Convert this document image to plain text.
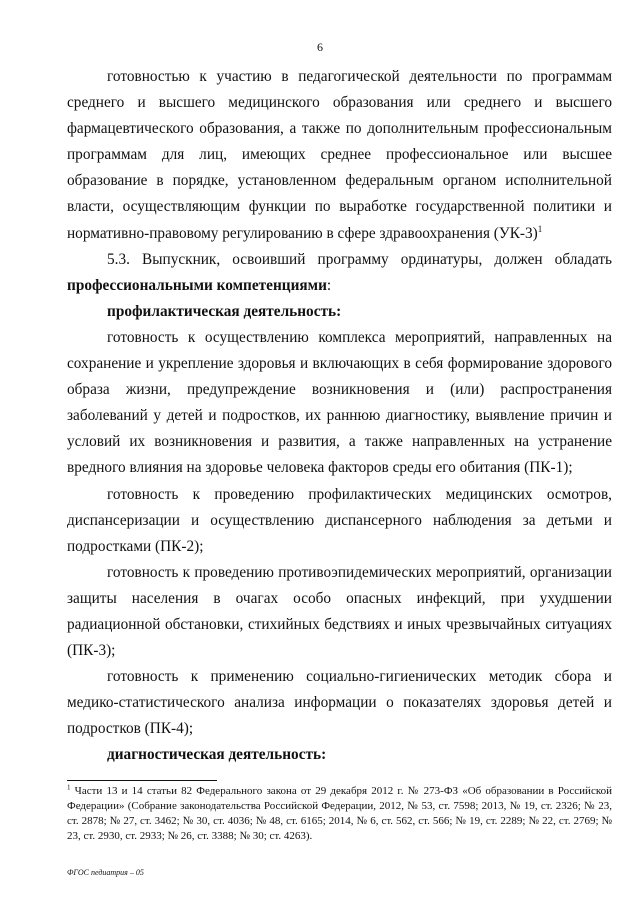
6

готовностью к участию в педагогической деятельности по программам среднего и высшего медицинского образования или среднего и высшего фармацевтического образования, а также по дополнительным профессиональным программам для лиц, имеющих среднее профессиональное или высшее образование в порядке, установленном федеральным органом исполнительной власти, осуществляющим функции по выработке государственной политики и нормативно-правовому регулированию в сфере здравоохранения $(УК-3)^1$

5.3. Выпускник, освоивший программу ординатуры, должен обладать профессиональными компетенциями:

профилактическая деятельность:

готовность к осуществлению комплекса мероприятий, направленных на сохранение и укрепление здоровья и включающих в себя формирование здорового образа жизни, предупреждение возникновения и (или) распространения заболеваний у детей и подростков, их раннюю диагностику, выявление причин и условий их возникновения и развития, а также направленных на устранение вредного влияния на здоровье человека факторов среды его обитания (ПК-1);

готовность к проведению профилактических медицинских осмотров, диспансеризации и осуществлению диспансерного наблюдения за детьми и подростками (ПК-2);

готовность к проведению противоэпидемических мероприятий, организации защиты населения в очагах особо опасных инфекций, при ухудшении радиационной обстановки, стихийных бедствиях и иных чрезвычайных ситуациях (ПК-3);

готовность к применению социально-гигиенических методик сбора и медико-статистического анализа информации о показателях здоровья детей и подростков (ПК-4);

диагностическая деятельность:

$^1$ Части 13 и 14 статьи 82 Федерального закона от 29 декабря 2012 г. № 273-ФЗ «Об образовании в Российской Федерации» (Собрание законодательства Российской Федерации, 2012, № 53, ст. 7598; 2013, № 19, ст. 2326; № 23, ст. 2878; № 27, ст. 3462; № 30, ст. 4036; № 48, ст. 6165; 2014, № 6, ст. 562, ст. 566; № 19, ст. 2289; № 22, ст. 2769; № 23, ст. 2930, ст. 2933; № 26, ст. 3388; № 30; ст. 4263).
ФГОС педиатрия – 05
